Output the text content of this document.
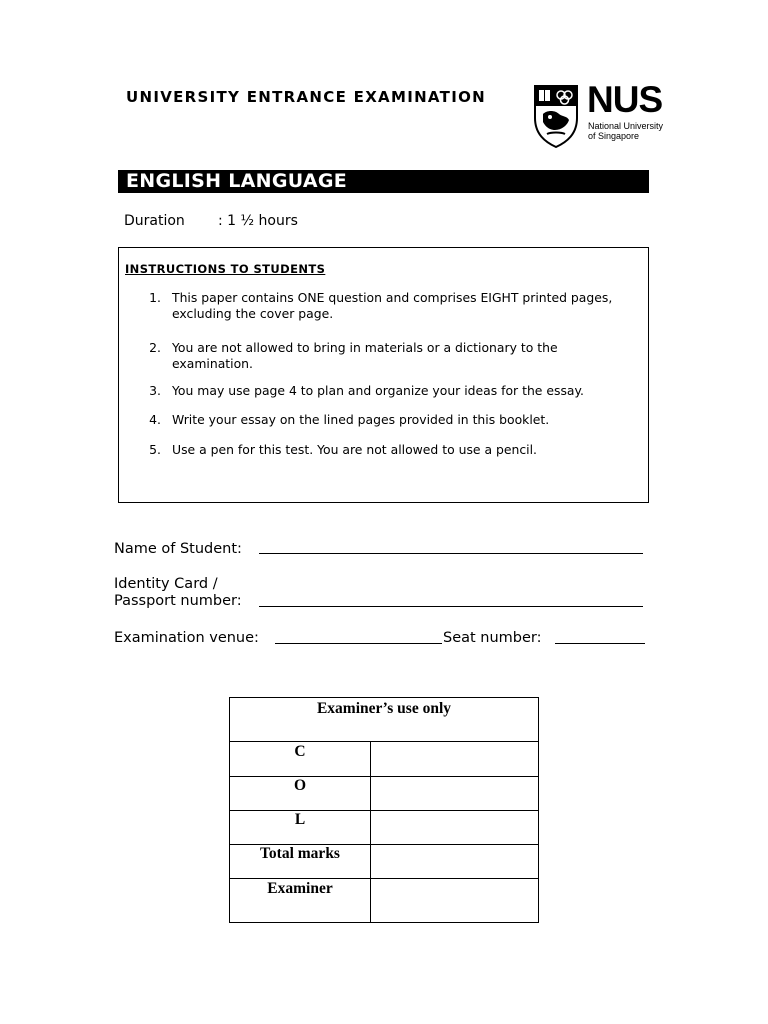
UNIVERSITY ENTRANCE EXAMINATION	NUS
National University
of Singapore
ENGLISH LANGUAGE
Duration : 1 ½ hours
INSTRUCTIONS TO STUDENTS
1. This paper contains ONE question and comprises EIGHT printed pages, excluding the cover page.
2. You are not allowed to bring in materials or a dictionary to the examination.
3. You may use page 4 to plan and organize your ideas for the essay.
4. Write your essay on the lined pages provided in this booklet.
5. Use a pen for this test. You are not allowed to use a pencil.
Name of Student:
Identity Card /
Passport number:
Examination venue:	Seat number:
Examiner’s use only
C
O
L
Total marks
Examiner
